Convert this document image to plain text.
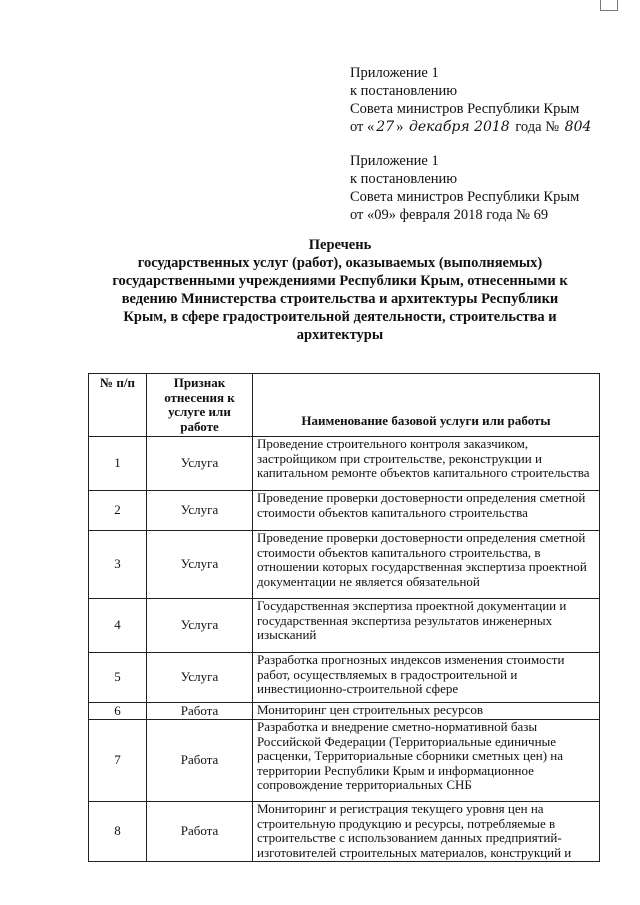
Приложение 1
к постановлению
Совета министров Республики Крым
от « 27 » декабря 2018 года № 804
Приложение 1
к постановлению
Совета министров Республики Крым
от «09» февраля 2018 года № 69
Перечень
государственных услуг (работ), оказываемых (выполняемых)
государственными учреждениями Республики Крым, отнесенными к
ведению Министерства строительства и архитектуры Республики
Крым, в сфере градостроительной деятельности, строительства и
архитектуры
№ п/п	Признак отнесения к услуге или работе	Наименование базовой услуги или работы
1	Услуга	Проведение строительного контроля заказчиком, застройщиком при строительстве, реконструкции и капитальном ремонте объектов капитального строительства
2	Услуга	Проведение проверки достоверности определения сметной стоимости объектов капитального строительства
3	Услуга	Проведение проверки достоверности определения сметной стоимости объектов капитального строительства, в отношении которых государственная экспертиза проектной документации не является обязательной
4	Услуга	Государственная экспертиза проектной документации и государственная экспертиза результатов инженерных изысканий
5	Услуга	Разработка прогнозных индексов изменения стоимости работ, осуществляемых в градостроительной и инвестиционно-строительной сфере
6	Работа	Мониторинг цен строительных ресурсов
7	Работа	Разработка и внедрение сметно-нормативной базы Российской Федерации (Территориальные единичные расценки, Территориальные сборники сметных цен) на территории Республики Крым и информационное сопровождение территориальных СНБ
8	Работа	Мониторинг и регистрация текущего уровня цен на строительную продукцию и ресурсы, потребляемые в строительстве с использованием данных предприятий-изготовителей строительных материалов, конструкций и
